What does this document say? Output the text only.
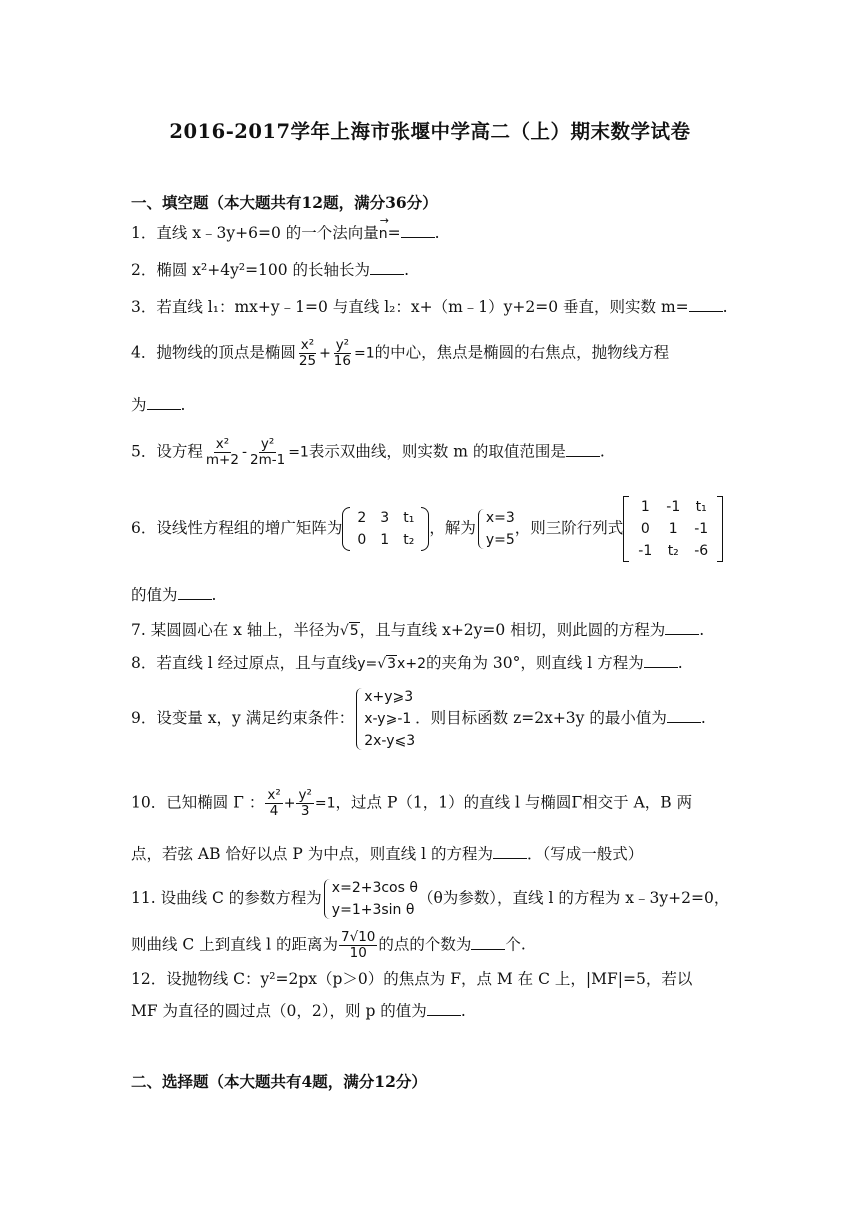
2016-2017学年上海市张堰中学高二（上）期末数学试卷
一、填空题（本大题共有12题，满分36分）
1．直线 x﹣3y+6=0 的一个法向量→ n= .
2．椭圆 x²+4y²=100 的长轴长为 .
3．若直线 l₁：mx+y﹣1=0 与直线 l₂：x+（m﹣1）y+2=0 垂直，则实数 m= .
4．抛物线的顶点是椭圆 $\frac{\text{x²}}{25} + \frac{\text{y²}}{16} =1$的中心，焦点是椭圆的右焦点，抛物线方程
为 .
5．设方程 $\frac{\text{x²}}{m+2} - \frac{\text{y²}}{2m-1} =1$表示双曲线，则实数 m 的取值范围是 .
6．设线性方程组的增广矩阵为
2	3	t₁
0	1	t₂
，解为
x=3
y=5
，则三阶行列式
1	-1	t₁
0	1	-1
-1	t₂	-6
的值为 .
7. 某圆圆心在 x 轴上，半径为√5，且与直线 x+2y=0 相切，则此圆的方程为 .
8．若直线 l 经过原点，且与直线y=√3x+2的夹角为 30°，则直线 l 方程为 .
9．设变量 x，y 满足约束条件：
x+y⩾3
x-y⩾-1
2x-y⩽3
．则目标函数 z=2x+3y 的最小值为 .
10．已知椭圆 Γ ： $\frac{\text{x²}}{4} + \frac{\text{y²}}{3} =1$，过点 P（1，1）的直线 l 与椭圆Γ相交于 A，B 两
点，若弦 AB 恰好以点 P 为中点，则直线 l 的方程为 ．（写成一般式）
11. 设曲线 C 的参数方程为
x=2+3cos θ
y=1+3sin θ
（θ为参数），直线 l 的方程为 x﹣3y+2=0，
则曲线 C 上到直线 l 的距离为 $\frac{7√10}{10}$ 的点的个数为 个.
12．设抛物线 C：y²=2px（p＞0）的焦点为 F，点 M 在 C 上，|MF|=5，若以
MF 为直径的圆过点（0，2），则 p 的值为 .
二、选择题（本大题共有4题，满分12分）
